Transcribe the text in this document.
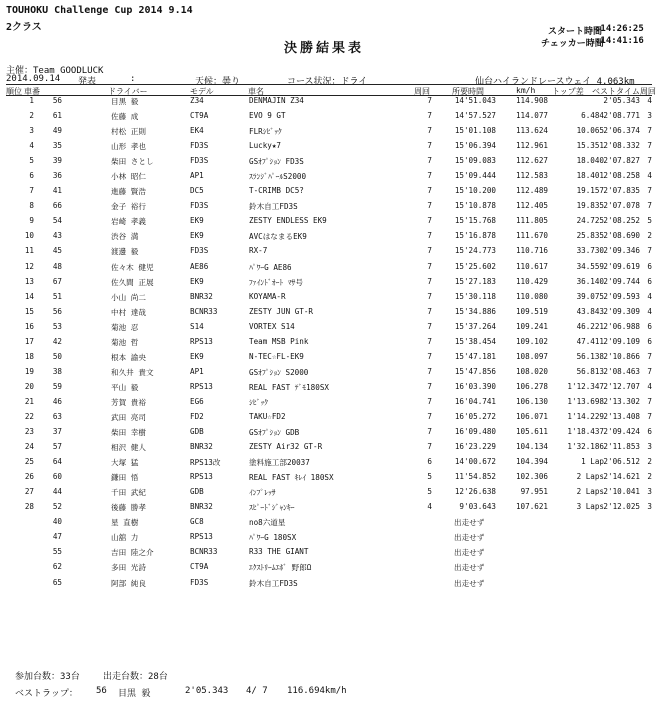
TOUHOKU Challenge Cup 2014 9.14
2クラス
決勝結果表
スタート時間
:14:26:25
チェッカー時間
:14:41:16
主催：Team GOODLUCK
2014.09.14 発表	:	天候：曇り	コース状況：ドライ	仙台ハイランドレースウェイ 4.063km
順位 車番	ドライバー	モデル	車名	周回	所要時間	km/h トップ差 ベストタイム周回
1	56	目黒 毅	Z34	DENMAJIN Z34	7	14'51.043	114.908	2'05.343 4
2	61	佐藤 成	CT9A	EVO 9 GT	7	14'57.527	114.077	6.484 2'08.771 3
3	49	村松 正則	EK4	FLRｼﾋﾞｯｸ	7	15'01.108	113.624	10.065 2'06.374 7
4	35	山形 孝也	FD3S	Lucky★7	7	15'06.394	112.961	15.351 2'08.332 7
5	39	柴田 さとし	FD3S	GSｵﾌﾟｼｮﾝ FD3S	7	15'09.083	112.627	18.040 2'07.827 7
6	36	小林 昭仁	AP1	ｽﾗﾝｼﾞﾊﾟｰﾙS2000	7	15'09.444	112.583	18.401 2'08.258 4
7	41	進藤 賢浩	DC5	T-CRIMB DC5?	7	15'10.200	112.489	19.157 2'07.835 7
8	66	金子 裕行	FD3S	鈴木自工FD3S	7	15'10.878	112.405	19.835 2'07.078 7
9	54	岩崎 孝義	EK9	ZESTY ENDLESS EK9	7	15'15.768	111.805	24.725 2'08.252 5
10	43	渋谷 満	EK9	AVCはなまるEK9	7	15'16.878	111.670	25.835 2'08.690 2
11	45	渡邊 毅	FD3S	RX-7	7	15'24.773	110.716	33.730 2'09.346 7
12	48	佐々木 健児	AE86	ﾊﾟﾜｰG AE86	7	15'25.602	110.617	34.559 2'09.619 6
13	67	佐久間 正展	EK9	ﾌｧｲﾝﾄﾞｵｰﾄ ﾏｻ号	7	15'27.183	110.429	36.140 2'09.744 6
14	51	小山 尚二	BNR32	KOYAMA-R	7	15'30.118	110.080	39.075 2'09.593 4
15	56	中村 達哉	BCNR33	ZESTY JUN GT-R	7	15'34.886	109.519	43.843 2'09.309 4
16	53	菊池 忍	S14	VORTEX S14	7	15'37.264	109.241	46.221 2'06.988 6
17	42	菊池 哲	RPS13	Team MSB Pink	7	15'38.454	109.102	47.411 2'09.109 6
18	50	根本 諭央	EK9	N-TEC☆FL-EK9	7	15'47.181	108.097	56.138 2'10.866 7
19	38	和久井 貴文	AP1	GSｵﾌﾟｼｮﾝ S2000	7	15'47.856	108.020	56.813 2'08.463 7
20	59	平山 毅	RPS13	REAL FAST ﾃﾞﾓ180SX	7	16'03.390	106.278	1'12.347 2'12.707 4
21	46	芳賀 貴裕	EG6	ｼﾋﾞｯｸ	7	16'04.741	106.130	1'13.698 2'13.302 7
22	63	武田 亮司	FD2	TAKU☆FD2	7	16'05.272	106.071	1'14.229 2'13.408 7
23	37	柴田 幸樹	GDB	GSｵﾌﾟｼｮﾝ GDB	7	16'09.480	105.611	1'18.437 2'09.424 6
24	57	相沢 健人	BNR32	ZESTY Air32 GT-R	7	16'23.229	104.134	1'32.186 2'11.853 3
25	64	大塚 猛	RPS13改	塗料施工部20037	6	14'00.672	104.394	1 Lap 2'06.512 2
26	60	鎌田 悟	RPS13	REAL FAST ｷﾚｲ 180SX	5	11'54.852	102.306	2 Laps 2'14.621 2
27	44	千田 武紀	GDB	ｲﾝﾌﾟﾚｯｻ	5	12'26.638	97.951	2 Laps 2'10.041 3
28	52	後藤 勝孝	BNR32	ｽﾋﾟｰﾄﾞｼﾞｬﾝｷｰ	4	9'03.643	107.621	3 Laps 2'12.025 3
40	星 直樹	GC8	no8六道星	出走せず
47	山舘 力	RPS13	ﾊﾟﾜｰG 180SX	出走せず
55	吉田 陸之介	BCNR33	R33 THE GIANT	出走せず
62	多田 光詩	CT9A	ｴｸｽﾄﾘｰﾑｴﾎﾞ 野郎Ω	出走せず
65	阿部 純良	FD3S	鈴木自工FD3S	出走せず
参加台数：33台	出走台数：28台
ベストラップ： 56 目黒 毅	2'05.343 4/ 7 116.694km/h
